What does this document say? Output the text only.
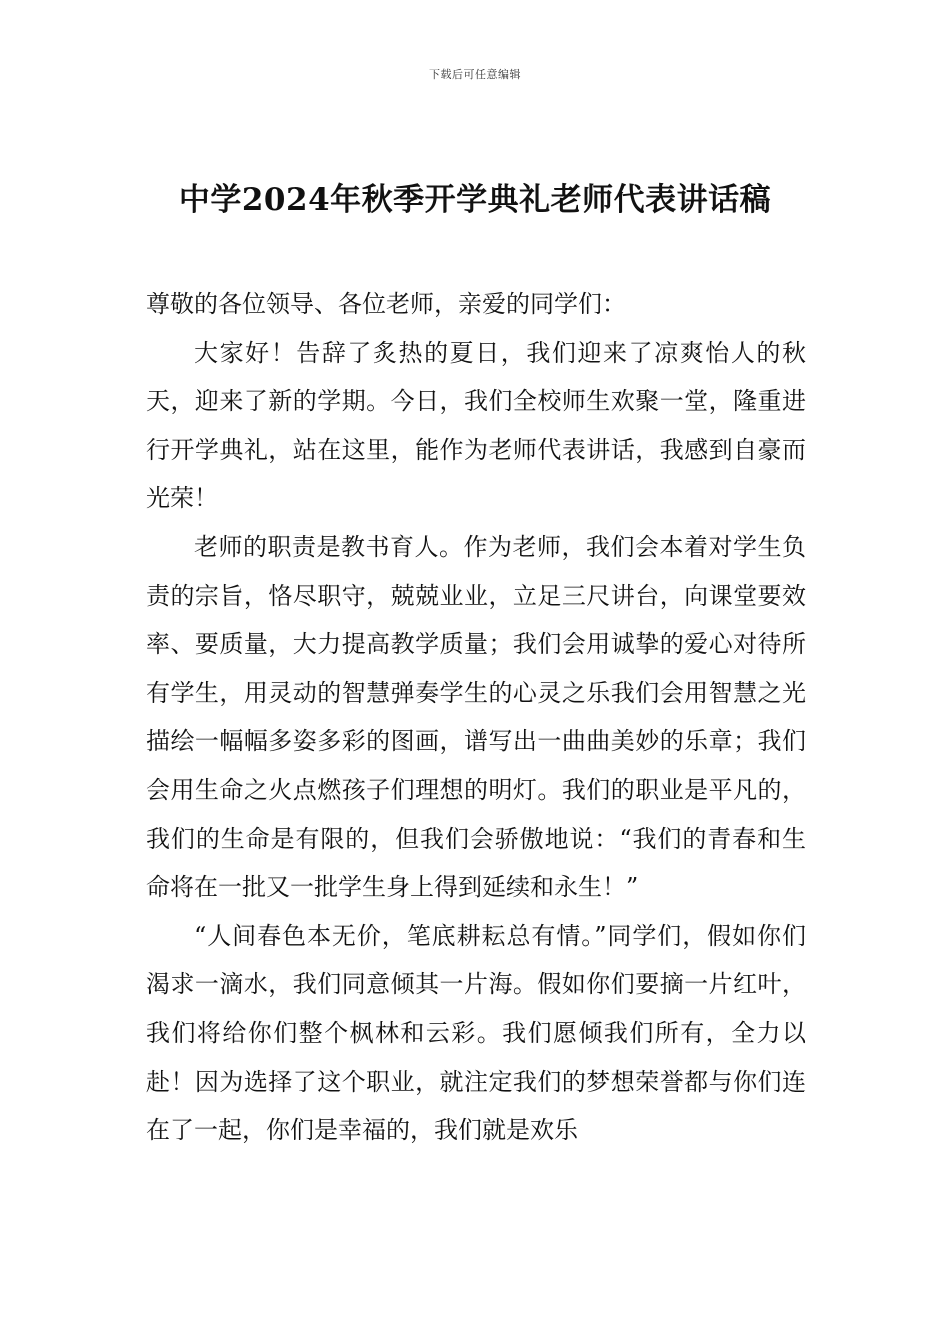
下载后可任意编辑
中学2024年秋季开学典礼老师代表讲话稿

尊敬的各位领导、各位老师，亲爱的同学们：

大家好！告辞了炙热的夏日，我们迎来了凉爽怡人的秋天，迎来了新的学期。今日，我们全校师生欢聚一堂，隆重进行开学典礼，站在这里，能作为老师代表讲话，我感到自豪而光荣！

老师的职责是教书育人。作为老师，我们会本着对学生负责的宗旨，恪尽职守，兢兢业业，立足三尺讲台，向课堂要效率、要质量，大力提高教学质量；我们会用诚挚的爱心对待所有学生，用灵动的智慧弹奏学生的心灵之乐我们会用智慧之光描绘一幅幅多姿多彩的图画，谱写出一曲曲美妙的乐章；我们会用生命之火点燃孩子们理想的明灯。我们的职业是平凡的，我们的生命是有限的，但我们会骄傲地说：“我们的青春和生命将在一批又一批学生身上得到延续和永生！”

“人间春色本无价，笔底耕耘总有情。”同学们，假如你们渴求一滴水，我们同意倾其一片海。假如你们要摘一片红叶，我们将给你们整个枫林和云彩。我们愿倾我们所有，全力以赴！因为选择了这个职业，就注定我们的梦想荣誉都与你们连在了一起，你们是幸福的，我们就是欢乐
